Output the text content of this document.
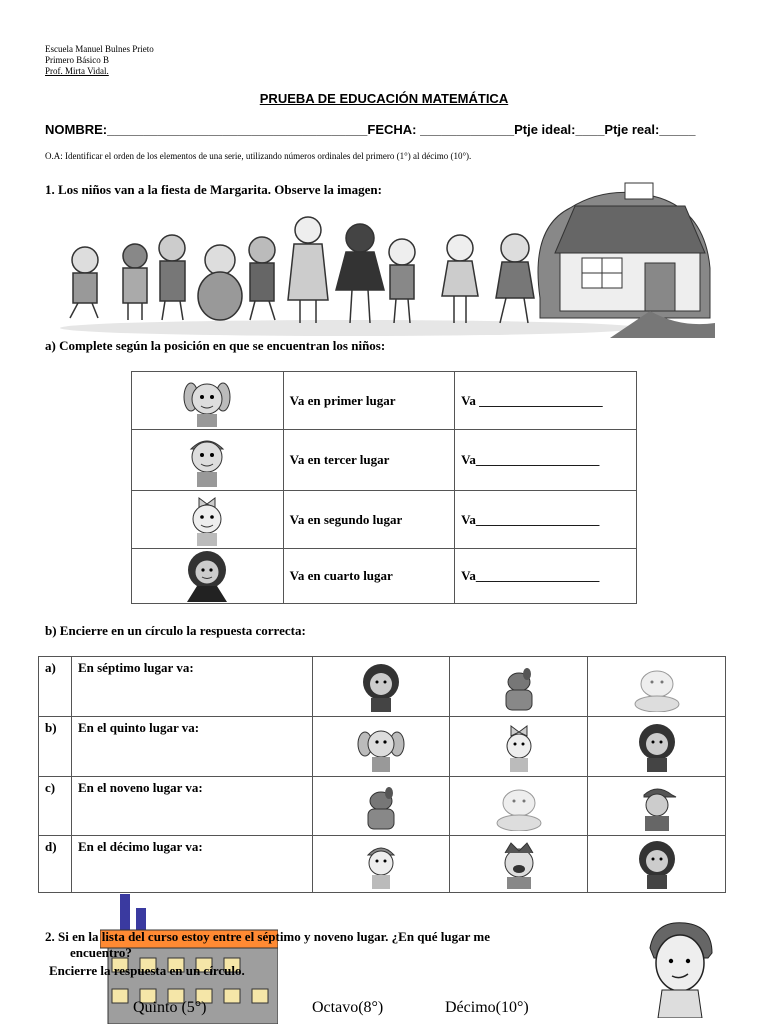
Escuela Manuel Bulnes Prieto
Primero Básico B
Prof. Mirta Vidal.
PRUEBA DE EDUCACIÓN MATEMÁTICA
NOMBRE:____________________________________FECHA: _____________Ptje ideal:____Ptje real:_____
O.A: Identificar el orden de los elementos de una serie, utilizando números ordinales del primero (1°) al décimo (10°).
1. Los niños van a la fiesta de Margarita. Observe la imagen:
a) Complete según la posición en que se encuentran los niños:
	Va en primer lugar	Va ___________________

	Va en tercer lugar	Va___________________

	Va en segundo lugar	Va___________________

	Va en cuarto lugar	Va___________________
b) Encierre en un círculo la respuesta correcta:
a)	En séptimo lugar va:	

b)	En el quinto lugar va:	

c)	En el noveno lugar va:	

d)	En el décimo lugar va:	

2. Si en la lista del curso estoy entre el séptimo y noveno lugar. ¿En qué lugar me
encuentro?
Encierre la respuesta en un círculo.
Quinto (5°)	Octavo(8°)	Décimo(10°)
